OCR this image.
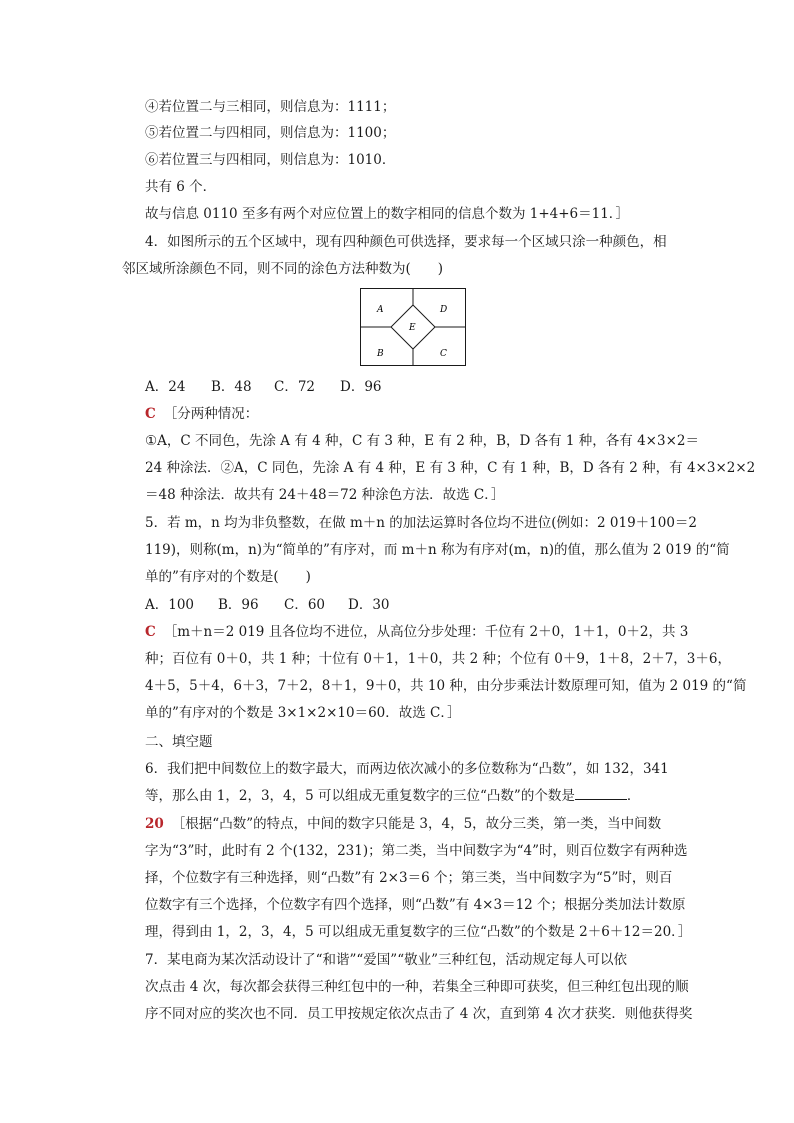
④若位置二与三相同，则信息为：1111；
⑤若位置二与四相同，则信息为：1100；
⑥若位置三与四相同，则信息为：1010．
共有 6 个．
故与信息 0110 至多有两个对应位置上的数字相同的信息个数为 1+4+6＝11．］
4．如图所示的五个区域中，现有四种颜色可供选择，要求每一个区域只涂一种颜色，相
邻区域所涂颜色不同，则不同的涂色方法种数为(　　)
A	D
E
B	C
A．24 B．48 C．72 D．96
C ［分两种情况：
①A，C 不同色，先涂 A 有 4 种，C 有 3 种，E 有 2 种，B，D 各有 1 种，各有 4×3×2＝
24 种涂法．②A，C 同色，先涂 A 有 4 种，E 有 3 种，C 有 1 种，B，D 各有 2 种，有 4×3×2×2
＝48 种涂法．故共有 24＋48＝72 种涂色方法．故选 C．］
5．若 m，n 均为非负整数，在做 m＋n 的加法运算时各位均不进位(例如：2 019＋100＝2
119)，则称(m，n)为“简单的”有序对，而 m＋n 称为有序对(m，n)的值，那么值为 2 019 的“简
单的”有序对的个数是(　　)
A．100 B．96 C．60 D．30
C ［m＋n＝2 019 且各位均不进位，从高位分步处理：千位有 2＋0，1＋1，0＋2，共 3
种；百位有 0＋0，共 1 种；十位有 0＋1，1＋0，共 2 种；个位有 0＋9，1＋8，2＋7，3＋6，
4＋5，5＋4，6＋3，7＋2，8＋1，9＋0，共 10 种，由分步乘法计数原理可知，值为 2 019 的“简
单的”有序对的个数是 3×1×2×10＝60．故选 C．］
二、填空题
6．我们把中间数位上的数字最大，而两边依次减小的多位数称为“凸数”，如 132，341
等，那么由 1，2，3，4，5 可以组成无重复数字的三位“凸数”的个数是	．
20 ［根据“凸数”的特点，中间的数字只能是 3，4，5，故分三类，第一类，当中间数
字为“3”时，此时有 2 个(132，231)；第二类，当中间数字为“4”时，则百位数字有两种选
择，个位数字有三种选择，则“凸数”有 2×3＝6 个；第三类，当中间数字为“5”时，则百
位数字有三个选择，个位数字有四个选择，则“凸数”有 4×3＝12 个；根据分类加法计数原
理，得到由 1，2，3，4，5 可以组成无重复数字的三位“凸数”的个数是 2＋6＋12＝20．］
7．某电商为某次活动设计了“和谐”“爱国”“敬业”三种红包，活动规定每人可以依
次点击 4 次，每次都会获得三种红包中的一种，若集全三种即可获奖，但三种红包出现的顺
序不同对应的奖次也不同．员工甲按规定依次点击了 4 次，直到第 4 次才获奖．则他获得奖
